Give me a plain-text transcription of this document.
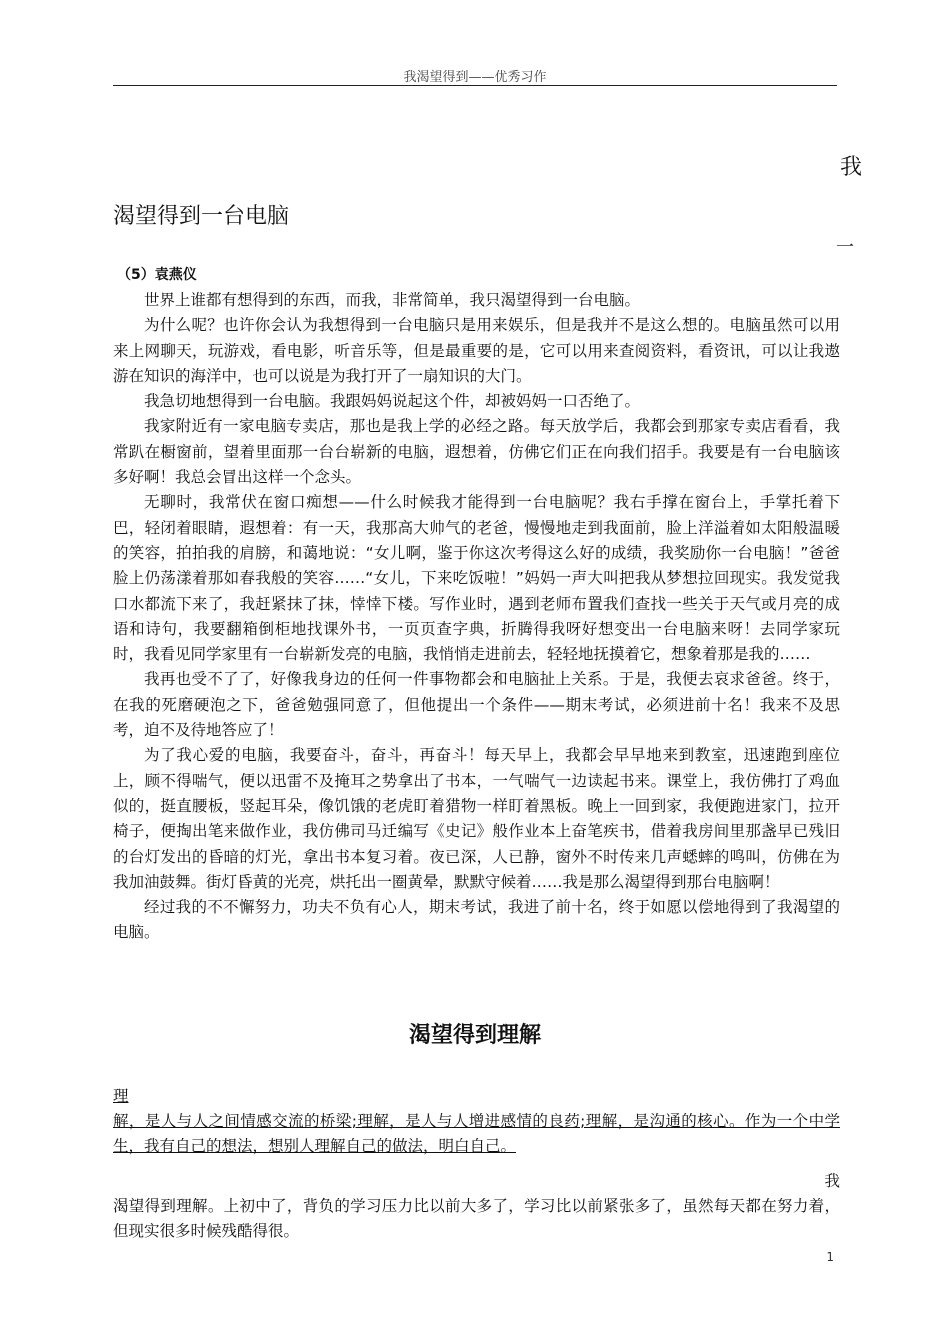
我渴望得到——优秀习作
我
渴望得到一台电脑
一
（5）袁燕仪

世界上谁都有想得到的东西，而我，非常简单，我只渴望得到一台电脑。

为什么呢？也许你会认为我想得到一台电脑只是用来娱乐，但是我并不是这么想的。电脑虽然可以用来上网聊天，玩游戏，看电影，听音乐等，但是最重要的是，它可以用来查阅资料，看资讯，可以让我遨游在知识的海洋中，也可以说是为我打开了一扇知识的大门。

我急切地想得到一台电脑。我跟妈妈说起这个件，却被妈妈一口否绝了。

我家附近有一家电脑专卖店，那也是我上学的必经之路。每天放学后，我都会到那家专卖店看看，我常趴在橱窗前，望着里面那一台台崭新的电脑，遐想着，仿佛它们正在向我们招手。我要是有一台电脑该多好啊！我总会冒出这样一个念头。

无聊时，我常伏在窗口痴想——什么时候我才能得到一台电脑呢？我右手撑在窗台上，手掌托着下巴，轻闭着眼睛，遐想着：有一天，我那高大帅气的老爸，慢慢地走到我面前，脸上洋溢着如太阳般温暖的笑容，拍拍我的肩膀，和蔼地说：“女儿啊，鉴于你这次考得这么好的成绩，我奖励你一台电脑！”爸爸脸上仍荡漾着那如春我般的笑容……“女儿，下来吃饭啦！”妈妈一声大叫把我从梦想拉回现实。我发觉我口水都流下来了，我赶紧抹了抹，悻悻下楼。写作业时，遇到老师布置我们查找一些关于天气或月亮的成语和诗句，我要翻箱倒柜地找课外书，一页页查字典，折腾得我呀好想变出一台电脑来呀！去同学家玩时，我看见同学家里有一台崭新发亮的电脑，我悄悄走进前去，轻轻地抚摸着它，想象着那是我的……

我再也受不了了，好像我身边的任何一件事物都会和电脑扯上关系。于是，我便去哀求爸爸。终于，在我的死磨硬泡之下，爸爸勉强同意了，但他提出一个条件——期末考试，必须进前十名！我来不及思考，迫不及待地答应了！

为了我心爱的电脑，我要奋斗，奋斗，再奋斗！每天早上，我都会早早地来到教室，迅速跑到座位上，顾不得喘气，便以迅雷不及掩耳之势拿出了书本，一气喘气一边读起书来。课堂上，我仿佛打了鸡血似的，挺直腰板，竖起耳朵，像饥饿的老虎盯着猎物一样盯着黑板。晚上一回到家，我便跑进家门，拉开椅子，便掏出笔来做作业，我仿佛司马迁编写《史记》般作业本上奋笔疾书，借着我房间里那盏早已残旧的台灯发出的昏暗的灯光，拿出书本复习着。夜已深，人已静，窗外不时传来几声蟋蟀的鸣叫，仿佛在为我加油鼓舞。街灯昏黄的光亮，烘托出一圈黄晕，默默守候着……我是那么渴望得到那台电脑啊！

经过我的不不懈努力，功夫不负有心人，期末考试，我进了前十名，终于如愿以偿地得到了我渴望的电脑。

渴望得到理解
理
解，是人与人之间情感交流的桥梁;理解，是人与人增进感情的良药;理解，是沟通的核心。作为一个中学生，我有自己的想法，想别人理解自己的做法，明白自己。
我
渴望得到理解。上初中了，背负的学习压力比以前大多了，学习比以前紧张多了，虽然每天都在努力着，但现实很多时候残酷得很。
1
